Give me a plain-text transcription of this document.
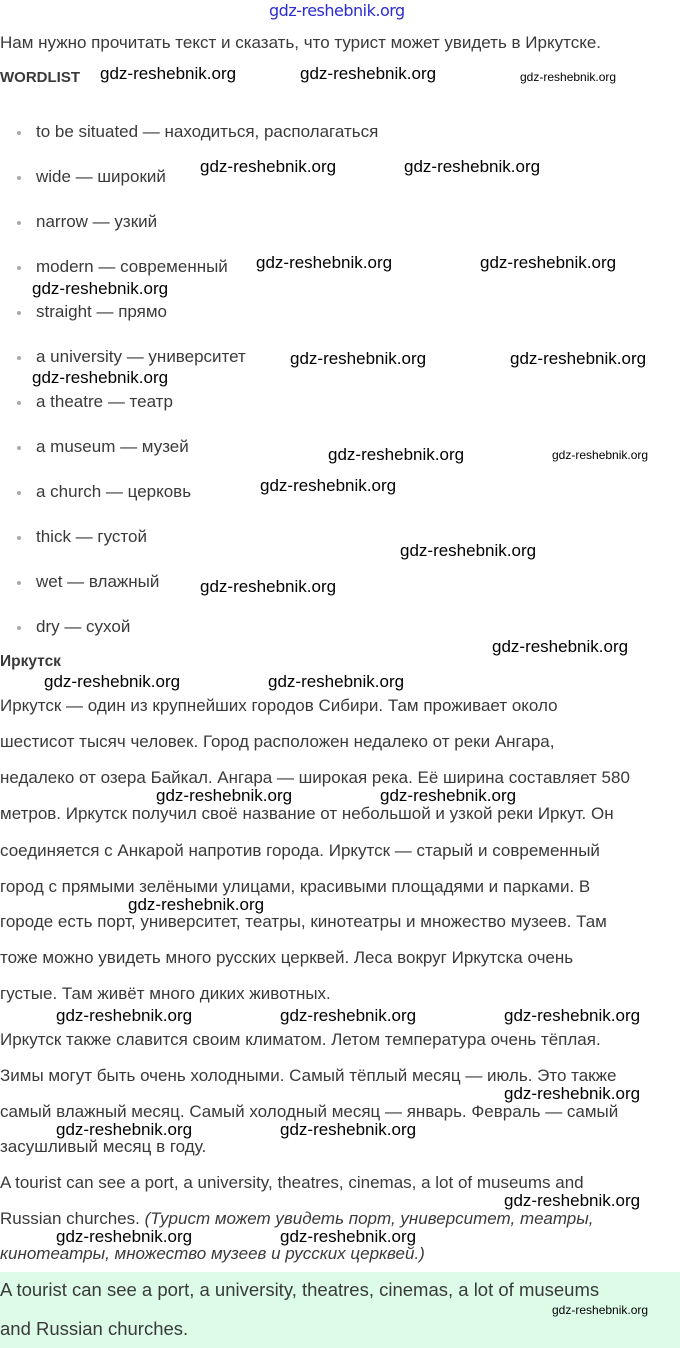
gdz-reshebnik.org
Нам нужно прочитать текст и сказать, что турист может увидеть в Иркутске.
WORDLIST
to be situated — находиться, располагаться
wide — широкий
narrow — узкий
modern — современный
straight — прямо
a university — университет
a theatre — театр
a museum — музей
a church — церковь
thick — густой
wet — влажный
dry — сухой
Иркутск
Иркутск — один из крупнейших городов Сибири. Там проживает около
шестисот тысяч человек. Город расположен недалеко от реки Ангара,
недалеко от озера Байкал. Ангара — широкая река. Её ширина составляет 580
метров. Иркутск получил своё название от небольшой и узкой реки Иркут. Он
соединяется с Анкарой напротив города. Иркутск — старый и современный
город с прямыми зелёными улицами, красивыми площадями и парками. В
городе есть порт, университет, театры, кинотеатры и множество музеев. Там
тоже можно увидеть много русских церквей. Леса вокруг Иркутска очень
густые. Там живёт много диких животных.
Иркутск также славится своим климатом. Летом температура очень тёплая.
Зимы могут быть очень холодными. Самый тёплый месяц — июль. Это также
самый влажный месяц. Самый холодный месяц — январь. Февраль — самый
засушливый месяц в году.
A tourist can see a port, a university, theatres, cinemas, a lot of museums and
Russian churches. (Турист может увидеть порт, университет, театры,
кинотеатры, множество музеев и русских церквей.)
A tourist can see a port, a university, theatres, cinemas, a lot of museums
and Russian churches.
gdz-reshebnik.org	gdz-reshebnik.org	gdz-reshebnik.org
gdz-reshebnik.org	gdz-reshebnik.org
gdz-reshebnik.org	gdz-reshebnik.org
gdz-reshebnik.org
gdz-reshebnik.org	gdz-reshebnik.org
gdz-reshebnik.org
gdz-reshebnik.org	gdz-reshebnik.org
gdz-reshebnik.org
gdz-reshebnik.org
gdz-reshebnik.org
gdz-reshebnik.org
gdz-reshebnik.org
gdz-reshebnik.org
gdz-reshebnik.org	gdz-reshebnik.org
gdz-reshebnik.org
gdz-reshebnik.org	gdz-reshebnik.org	gdz-reshebnik.org
gdz-reshebnik.org
gdz-reshebnik.org	gdz-reshebnik.org
gdz-reshebnik.org
gdz-reshebnik.org	gdz-reshebnik.org
gdz-reshebnik.org
